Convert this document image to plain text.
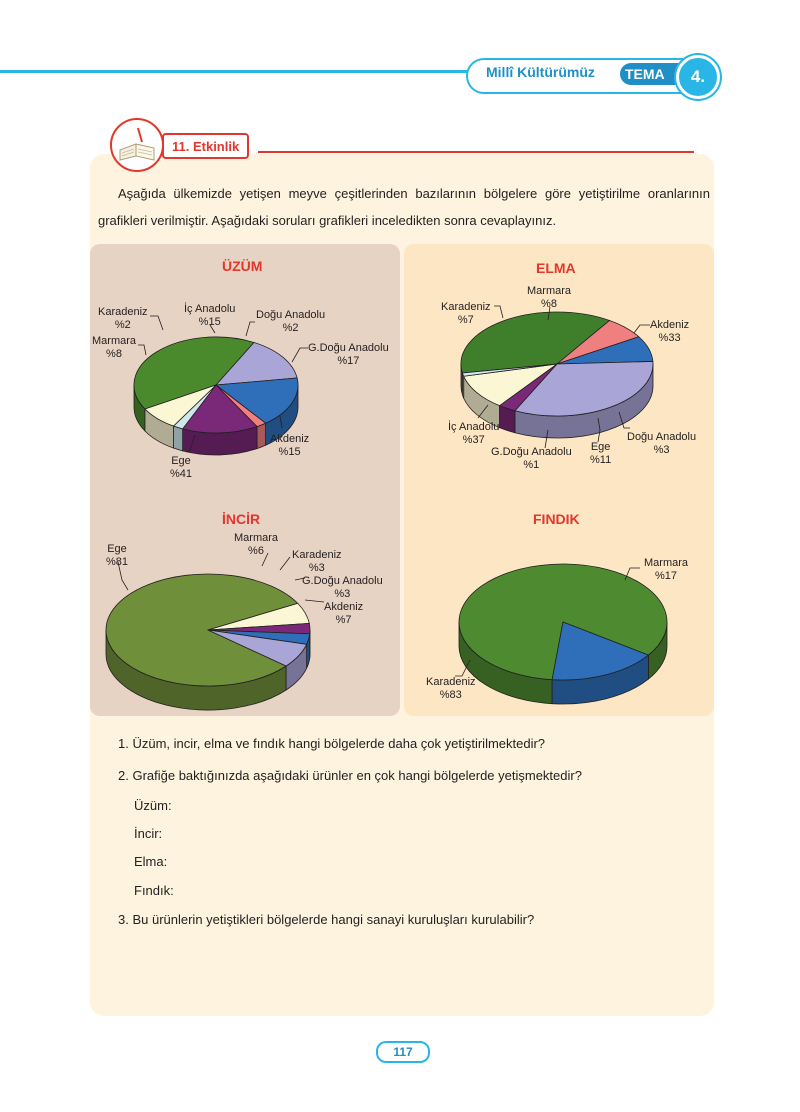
Millî Kültürümüz TEMA	4.
11. Etkinlik

Aşağıda ülkemizde yetişen meyve çeşitlerinden bazılarının bölgelere göre yetiştirilme oranlarının grafikleri verilmiştir. Aşağıdaki soruları grafikleri inceledikten sonra cevaplayınız.

ÜZÜM	ELMA
İNCİR	FINDIK
Karadeniz
%2
Marmara
%8
İç Anadolu
%15
Doğu Anadolu
%2
G.Doğu Anadolu
%17
Akdeniz
%15
Ege
%41
Karadeniz
%7
Marmara
%8
Akdeniz
%33
Doğu Anadolu
%3
Ege
%11
G.Doğu Anadolu
%1
İç Anadolu
%37
Ege
%81
Marmara
%6	Karadeniz
%3
G.Doğu Anadolu
%3
Akdeniz
%7
Marmara
%17
Karadeniz
%83
1. Üzüm, incir, elma ve fındık hangi bölgelerde daha çok yetiştirilmektedir?
2. Grafiğe baktığınızda aşağıdaki ürünler en çok hangi bölgelerde yetişmektedir?
Üzüm:
İncir:
Elma:
Fındık:
3. Bu ürünlerin yetiştikleri bölgelerde hangi sanayi kuruluşları kurulabilir?
117
